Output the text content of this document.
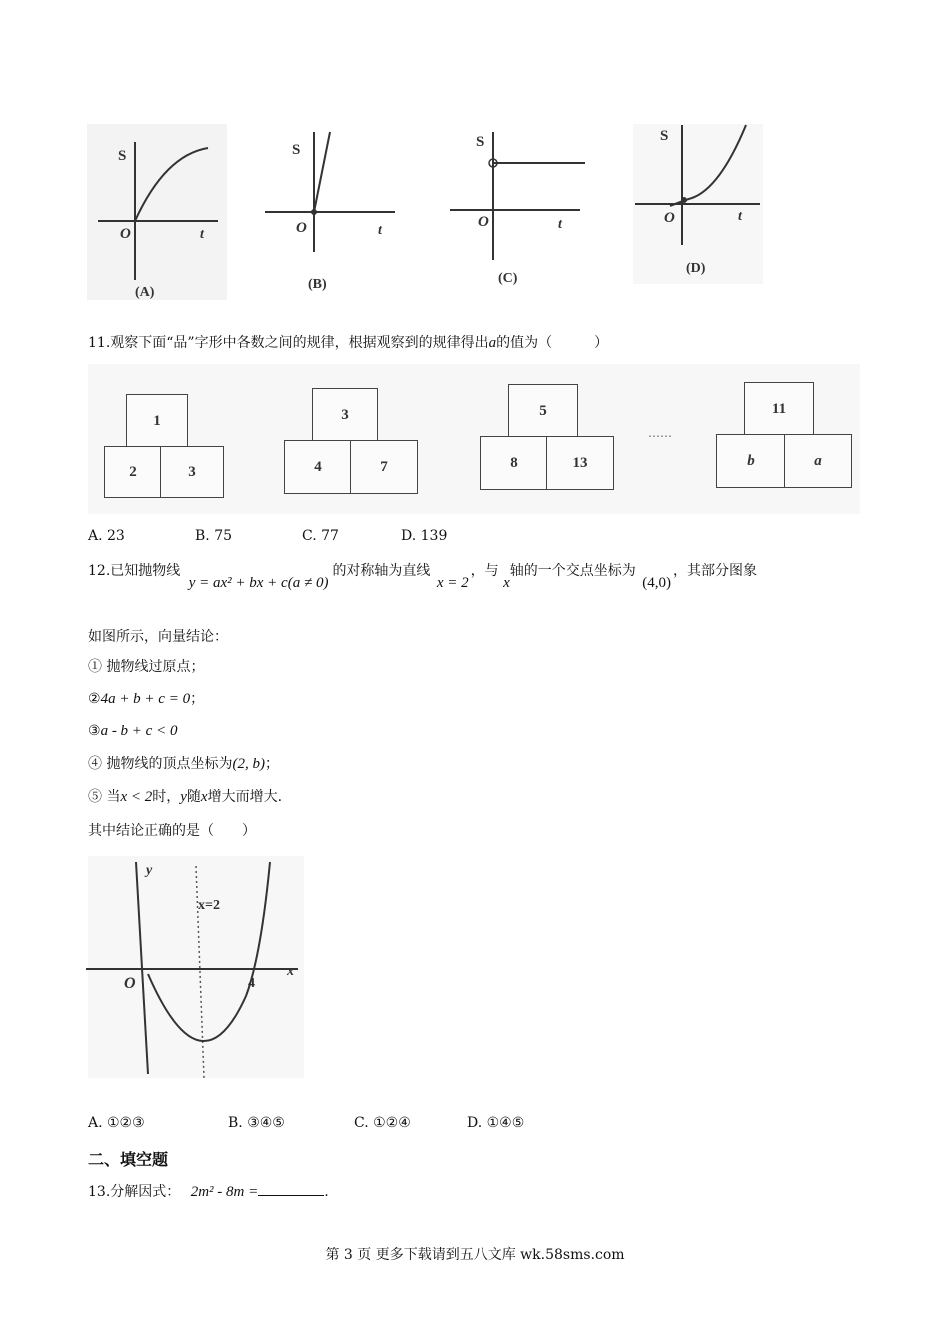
S
O	t
(A)
S
O	t
(B)
S
O	t
(C)
S
O	t
(D)
11.观察下面“品”字形中各数之间的规律，根据观察到的规律得出a的值为（　　　）
1
2	3
3
4	7
5
8	13
……
11
b	a
A. 23	B. 75	C. 77	D. 139
12.已知抛物线 y = ax² + bx + c(a ≠ 0)的对称轴为直线 x = 2，与 x轴的一个交点坐标为 (4,0)，其部分图象
如图所示，向量结论：
① 抛物线过原点；
②4a + b + c = 0；
③a - b + c < 0
④ 抛物线的顶点坐标为(2, b)；
⑤ 当x < 2时，y随x增大而增大.
其中结论正确的是（　　）
y
x=2
O	4
x
A. ①②③	B. ③④⑤	C. ①②④	D. ①④⑤
二、填空题
13.分解因式： 2m² - 8m =	.
第 3 页 更多下载请到五八文库 wk.58sms.com
